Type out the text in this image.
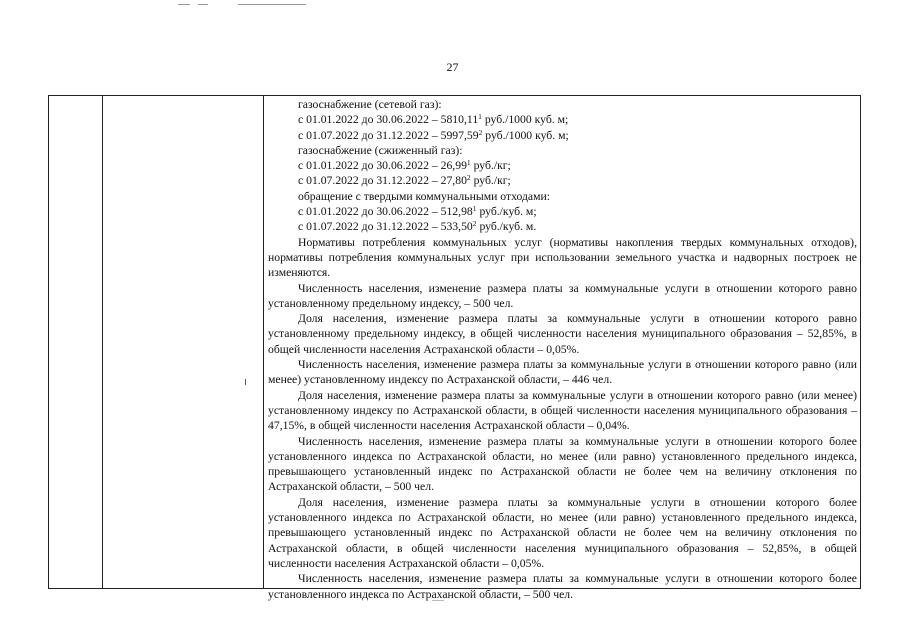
27
газоснабжение (сетевой газ):
с 01.01.2022 до 30.06.2022 – 5810,11$^1$ руб./1000 куб. м;
с 01.07.2022 до 31.12.2022 – 5997,59$^2$ руб./1000 куб. м;
газоснабжение (сжиженный газ):
с 01.01.2022 до 30.06.2022 – 26,99$^1$ руб./кг;
с 01.07.2022 до 31.12.2022 – 27,80$^2$ руб./кг;
обращение с твердыми коммунальными отходами:
с 01.01.2022 до 30.06.2022 – 512,98$^1$ руб./куб. м;
с 01.07.2022 до 31.12.2022 – 533,50$^2$ руб./куб. м.

Нормативы потребления коммунальных услуг (нормативы накопления твердых коммунальных отходов), нормативы потребления коммунальных услуг при использовании земельного участка и надворных построек не изменяются.

Численность населения, изменение размера платы за коммунальные услуги в отношении которого равно установленному предельному индексу, – 500 чел.

Доля населения, изменение размера платы за коммунальные услуги в отношении которого равно установленному предельному индексу, в общей численности населения муниципального образования – 52,85%, в общей численности населения Астраханской области – 0,05%.

Численность населения, изменение размера платы за коммунальные услуги в отношении которого равно (или менее) установленному индексу по Астраханской области, – 446 чел.

Доля населения, изменение размера платы за коммунальные услуги в отношении которого равно (или менее) установленному индексу по Астраханской области, в общей численности населения муниципального образования – 47,15%, в общей численности населения Астраханской области – 0,04%.

Численность населения, изменение размера платы за коммунальные услуги в отношении которого более установленного индекса по Астраханской области, но менее (или равно) установленного предельного индекса, превышающего установленный индекс по Астраханской области не более чем на величину отклонения по Астраханской области, – 500 чел.

Доля населения, изменение размера платы за коммунальные услуги в отношении которого более установленного индекса по Астраханской области, но менее (или равно) установленного предельного индекса, превышающего установленный индекс по Астраханской области не более чем на величину отклонения по Астраханской области, в общей численности населения муниципального образования – 52,85%, в общей численности населения Астраханской области – 0,05%.

Численность населения, изменение размера платы за коммунальные услуги в отношении которого более установленного индекса по Астраханской области, – 500 чел.
